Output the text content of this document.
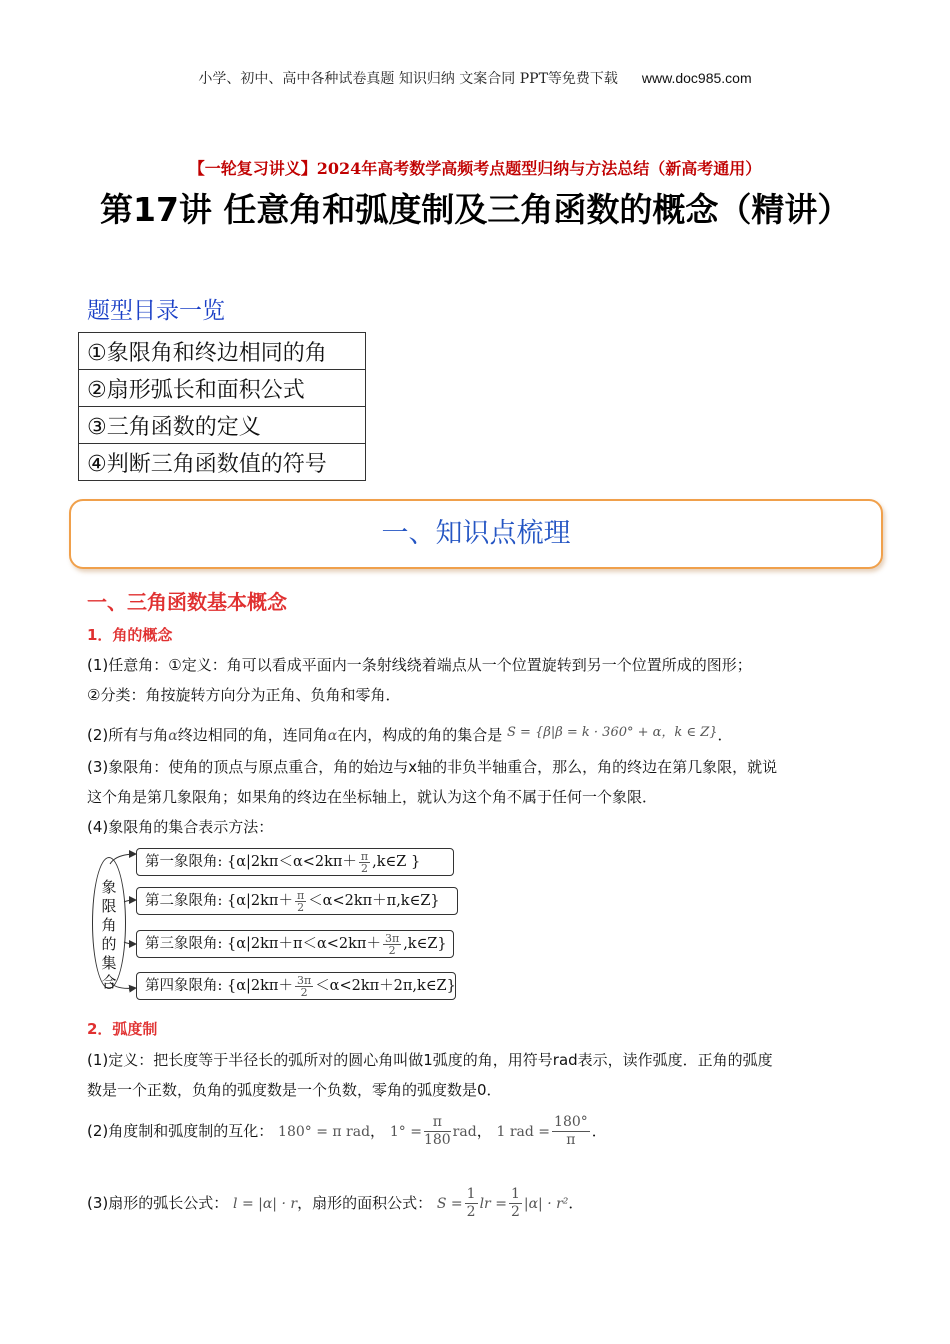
小学、初中、高中各种试卷真题 知识归纳 文案合同 PPT等免费下载 www.doc985.com
【一轮复习讲义】2024年高考数学高频考点题型归纳与方法总结（新高考通用）
第17讲 任意角和弧度制及三角函数的概念（精讲）
题型目录一览
①象限角和终边相同的角
②扇形弧长和面积公式
③三角函数的定义
④判断三角函数值的符号
一、知识点梳理
一、三角函数基本概念
1．角的概念
(1)任意角：①定义：角可以看成平面内一条射线绕着端点从一个位置旋转到另一个位置所成的图形；
②分类：角按旋转方向分为正角、负角和零角．
(2)所有与角α终边相同的角，连同角α在内，构成的角的集合是 S = {β|β = k · 360° + α，k ∈ Z}．
(3)象限角：使角的顶点与原点重合，角的始边与x轴的非负半轴重合，那么，角的终边在第几象限，就说
这个角是第几象限角；如果角的终边在坐标轴上，就认为这个角不属于任何一个象限．
(4)象限角的集合表示方法：
象限角的集合
第一象限角: {$\alpha|2k\pi<\alpha<2k\pi+ \frac{\pi}{2}$ ,k∈Z }
第二象限角: {$\alpha|2k\pi+ \frac{\pi}{2}$ ＜α<2kπ＋π,k∈Z}
第三象限角: {$\alpha|2k\pi+\pi<\alpha<2k\pi+ \frac{3\pi}{2}$ ,k∈Z}
第四象限角: {$\alpha|2k\pi+ \frac{3\pi}{2}$ ＜α<2kπ＋2π,k∈Z}
2．弧度制
(1)定义：把长度等于半径长的弧所对的圆心角叫做1弧度的角，用符号rad表示，读作弧度．正角的弧度
数是一个正数，负角的弧度数是一个负数，零角的弧度数是0．
(2)角度制和弧度制的互化： 180° = π rad， $1^\circ = \frac{\pi}{180}$ rad， 1 rad = $\frac{180^\circ}{\pi}$ ．
(3)扇形的弧长公式： l = |α| · r，扇形的面积公式： $S = \frac{1}{2}$ lr = $\frac{1}{2} |\alpha| \cdot r^2$．
